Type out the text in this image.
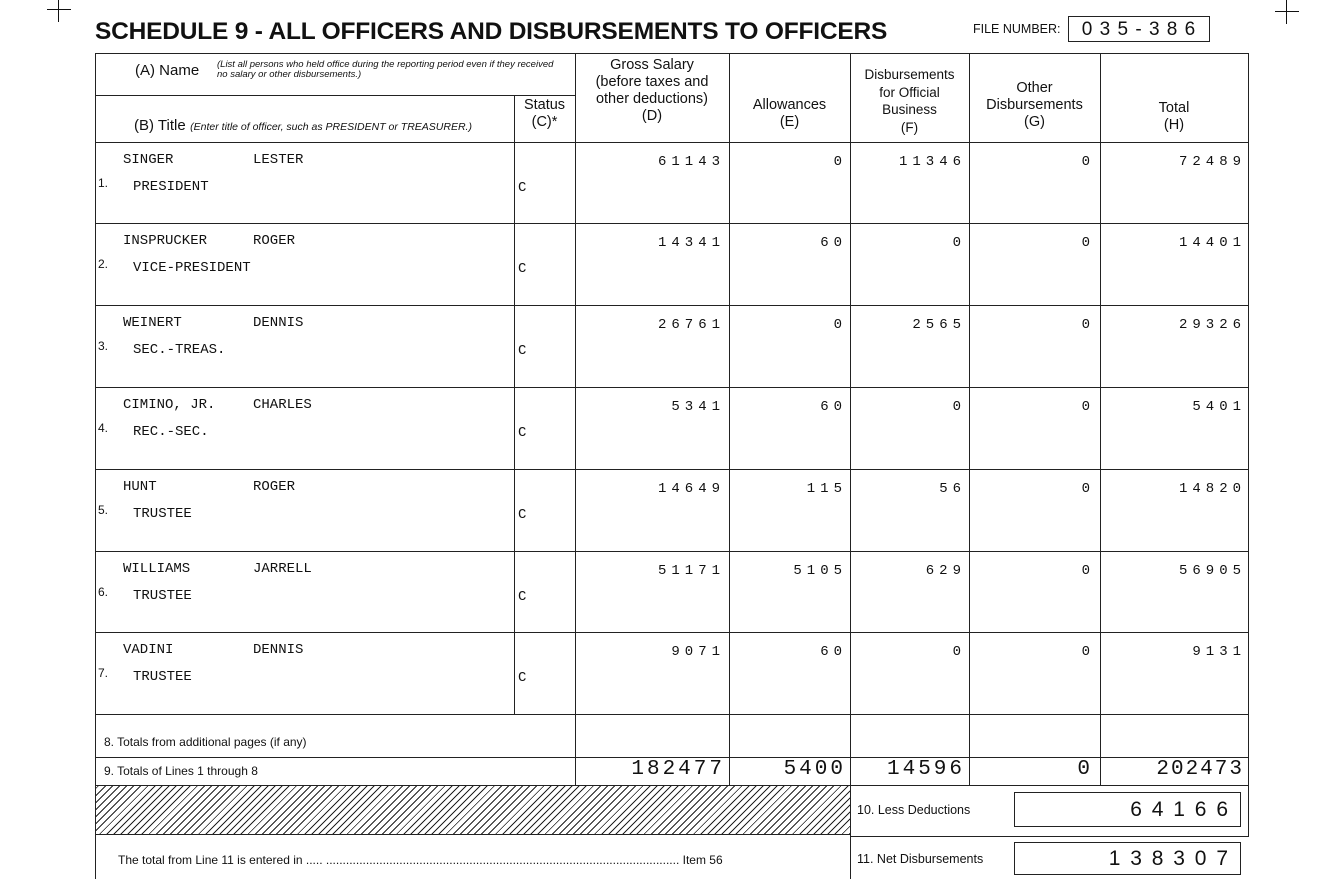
SCHEDULE 9 - ALL OFFICERS AND DISBURSEMENTS TO OFFICERS	FILE NUMBER:	0 3 5 - 3 8 6
(A) Name (List all persons who held office during the reporting period even if they received no salary or other disbursements.)
(B) Title (Enter title of officer, such as PRESIDENT or TREASURER.)
Status
(C)*
Gross Salary
(before taxes and
other deductions)
(D)
Allowances
(E)
Disbursements
for Official
Business
(F)
Other
Disbursements
(G)
Total
(H)
1.
SINGER	LESTER
PRESIDENT	C
61143	0	11346	0	72489
2.
INSPRUCKER	ROGER
VICE-PRESIDENT	C
14341	60	0	0	14401
3.
WEINERT	DENNIS
SEC.-TREAS.	C
26761	0	2565	0	29326
4.
CIMINO, JR.	CHARLES
REC.-SEC.	C
5341	60	0	0	5401
5.
HUNT	ROGER
TRUSTEE	C
14649	115	56	0	14820
6.
WILLIAMS	JARRELL
TRUSTEE	C
51171	5105	629	0	56905
7.
VADINI	DENNIS
TRUSTEE	C
9071	60	0	0	9131
8. Totals from additional pages (if any)
9. Totals of Lines 1 through 8	182477	5400	14596	0	202473
10. Less Deductions	6 4 1 6 6
11. Net Disbursements	1 3 8 3 0 7
The total from Line 11 is entered in ..... .......................................................................................................... Item 56
